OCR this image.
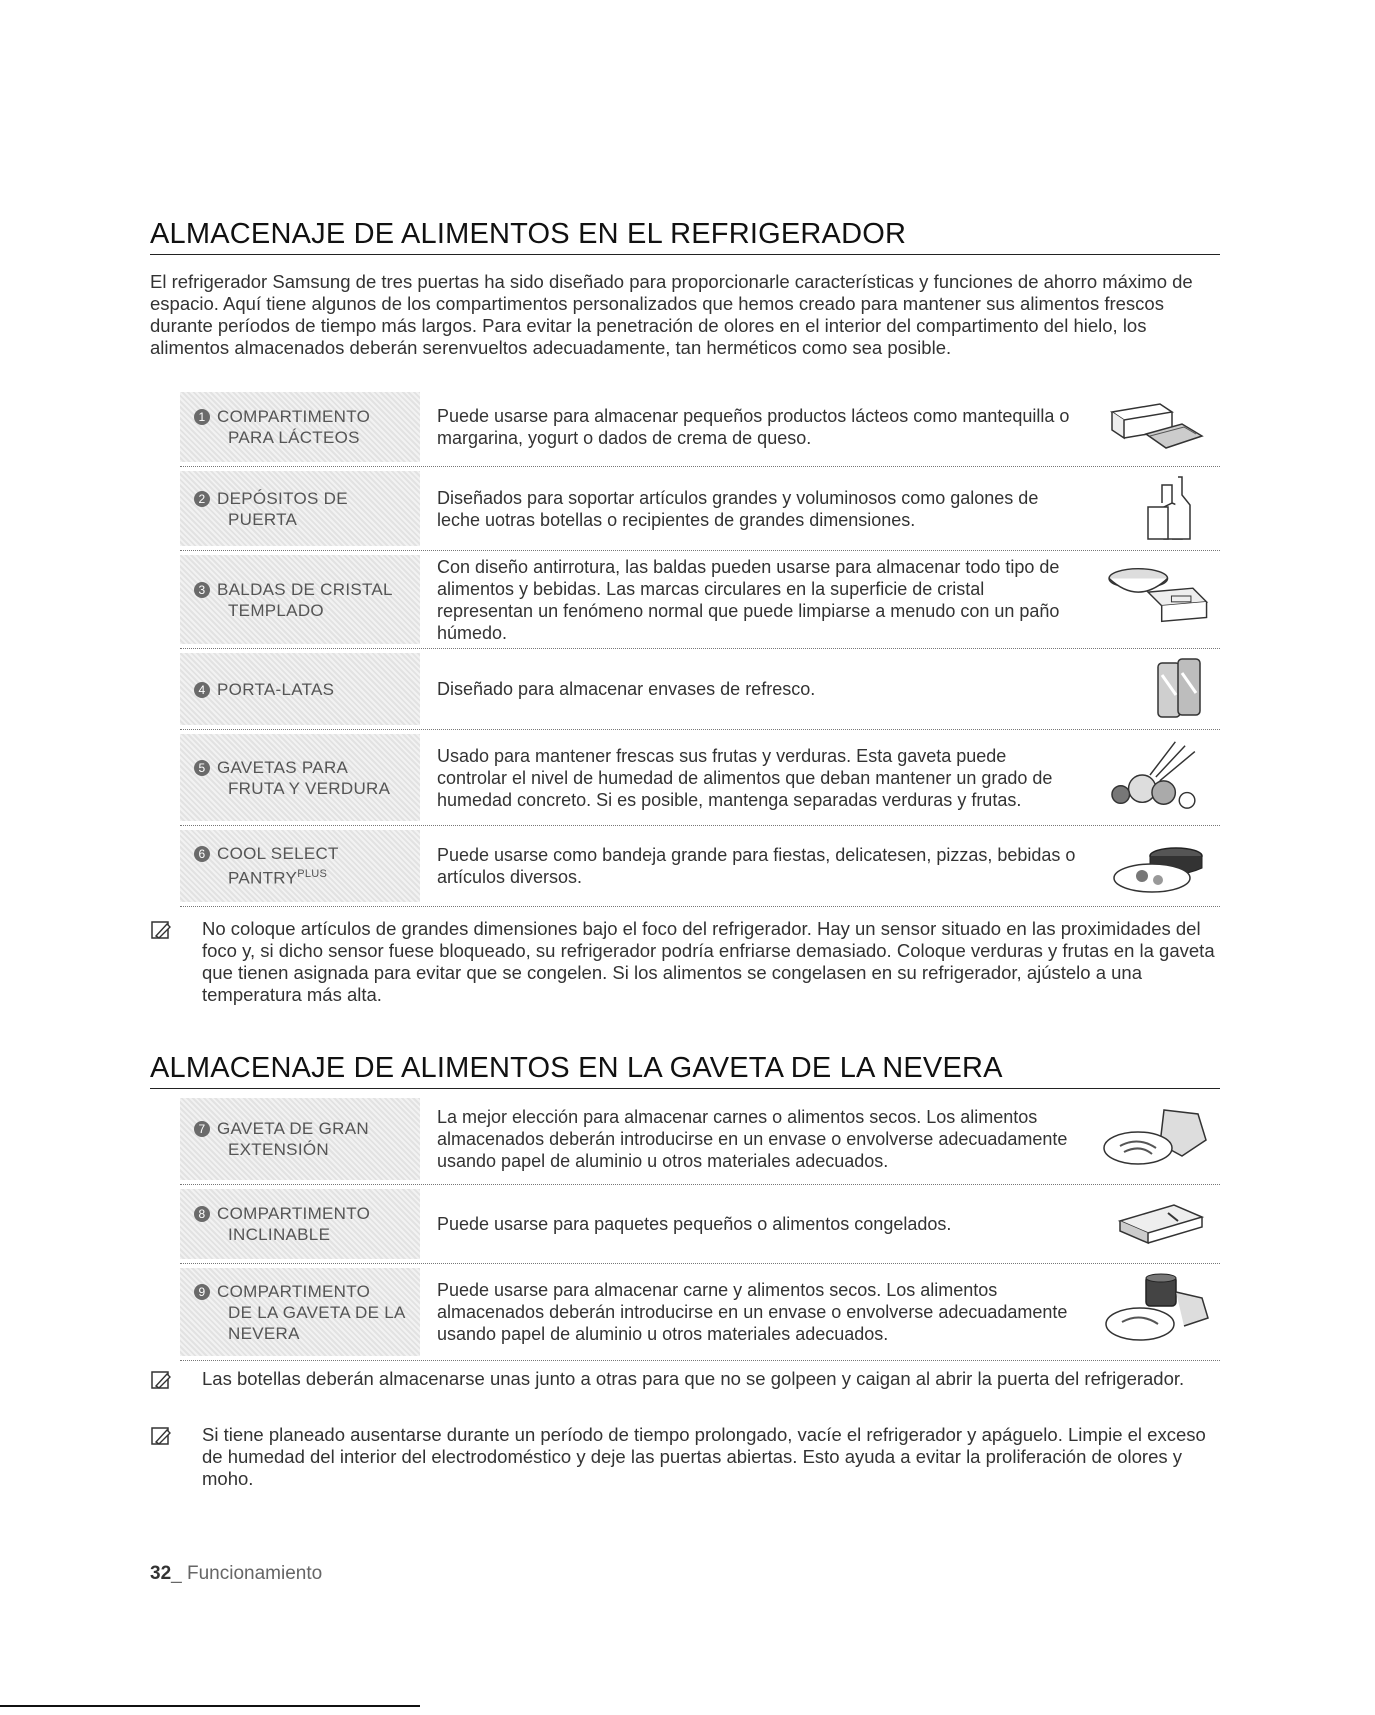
ALMACENAJE DE ALIMENTOS EN EL REFRIGERADOR

El refrigerador Samsung de tres puertas ha sido diseñado para proporcionarle características y funciones de ahorro máximo de espacio. Aquí tiene algunos de los compartimentos personalizados que hemos creado para mantener sus alimentos frescos durante períodos de tiempo más largos. Para evitar la penetración de olores en el interior del compartimento del hielo, los alimentos almacenados deberán serenvueltos adecuadamente, tan herméticos como sea posible.

1 COMPARTIMENTO
PARA LÁCTEOS
Puede usarse para almacenar pequeños productos lácteos como mantequilla o margarina, yogurt o dados de crema de queso.
2 DEPÓSITOS DE
PUERTA
Diseñados para soportar artículos grandes y voluminosos como galones de leche uotras botellas o recipientes de grandes dimensiones.
3 BALDAS DE CRISTAL
TEMPLADO
Con diseño antirrotura, las baldas pueden usarse para almacenar todo tipo de alimentos y bebidas. Las marcas circulares en la superficie de cristal representan un fenómeno normal que puede limpiarse a menudo con un paño húmedo.
4 PORTA-LATAS	Diseñado para almacenar envases de refresco.
5 GAVETAS PARA
FRUTA Y VERDURA
Usado para mantener frescas sus frutas y verduras. Esta gaveta puede controlar el nivel de humedad de alimentos que deban mantener un grado de humedad concreto. Si es posible, mantenga separadas verduras y frutas.
6 COOL SELECT
$PANTRY^{PLUS}$
Puede usarse como bandeja grande para fiestas, delicatesen, pizzas, bebidas o artículos diversos.
No coloque artículos de grandes dimensiones bajo el foco del refrigerador. Hay un sensor situado en las proximidades del foco y, si dicho sensor fuese bloqueado, su refrigerador podría enfriarse demasiado. Coloque verduras y frutas en la gaveta que tienen asignada para evitar que se congelen. Si los alimentos se congelasen en su refrigerador, ajústelo a una temperatura más alta.
ALMACENAJE DE ALIMENTOS EN LA GAVETA DE LA NEVERA
7 GAVETA DE GRAN
EXTENSIÓN
La mejor elección para almacenar carnes o alimentos secos. Los alimentos almacenados deberán introducirse en un envase o envolverse adecuadamente usando papel de aluminio u otros materiales adecuados.
8 COMPARTIMENTO
INCLINABLE
Puede usarse para paquetes pequeños o alimentos congelados.
9 COMPARTIMENTO
DE LA GAVETA DE LA
NEVERA
Puede usarse para almacenar carne y alimentos secos. Los alimentos almacenados deberán introducirse en un envase o envolverse adecuadamente usando papel de aluminio u otros materiales adecuados.
Las botellas deberán almacenarse unas junto a otras para que no se golpeen y caigan al abrir la puerta del refrigerador.
Si tiene planeado ausentarse durante un período de tiempo prolongado, vacíe el refrigerador y apáguelo. Limpie el exceso de humedad del interior del electrodoméstico y deje las puertas abiertas. Esto ayuda a evitar la proliferación de olores y moho.
32_ Funcionamiento
